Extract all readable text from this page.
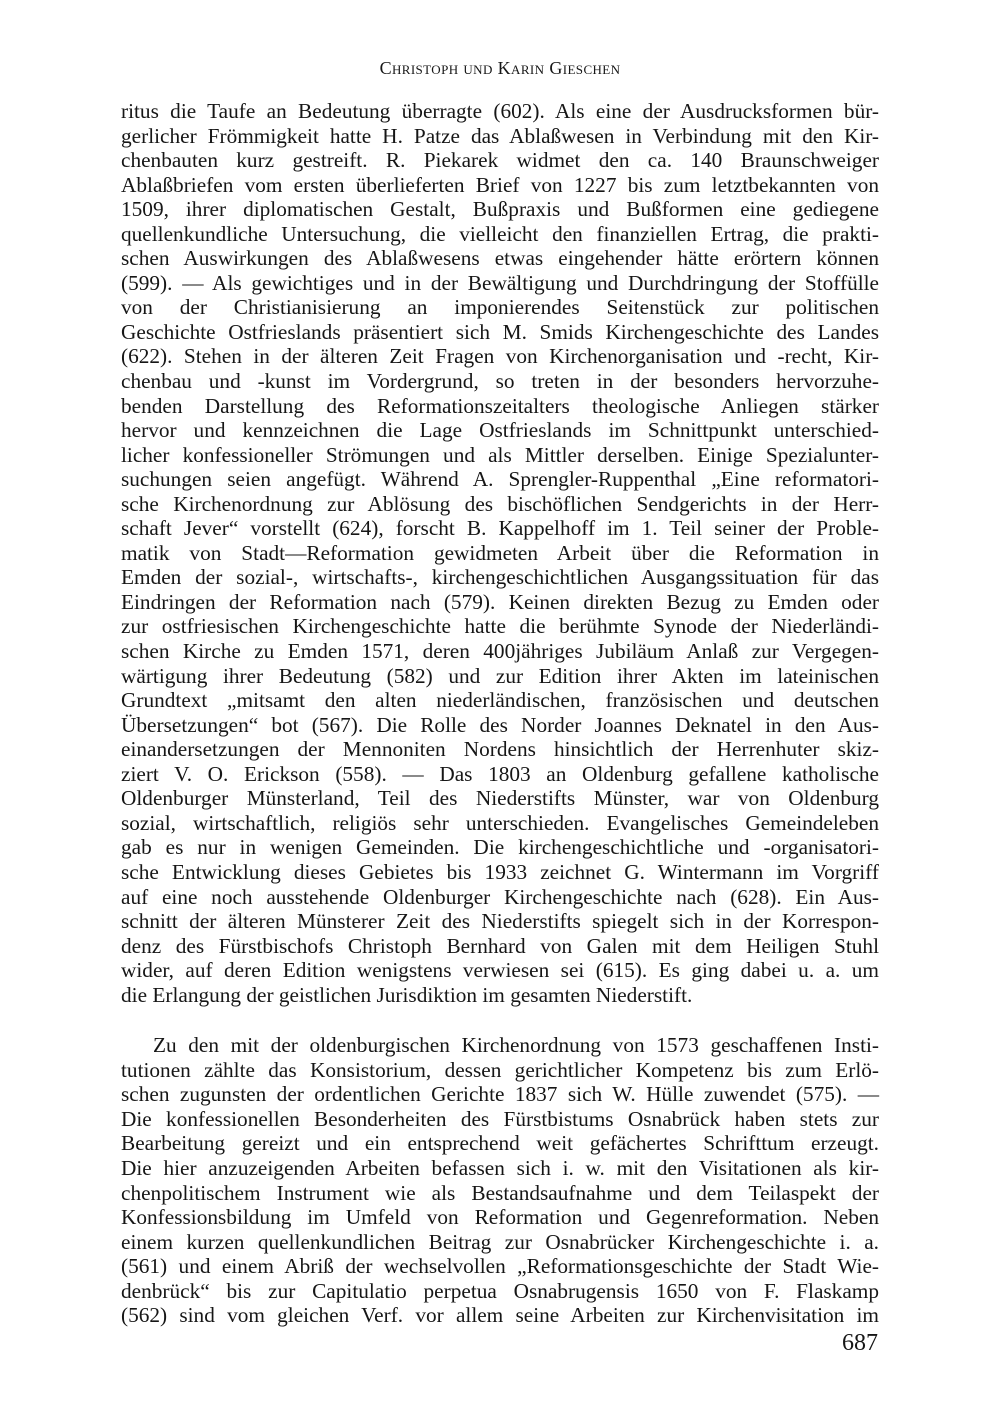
Christoph und Karin Gieschen

ritus die Taufe an Bedeutung überragte (602). Als eine der Ausdrucksformen bür-

gerlicher Frömmigkeit hatte H. Patze das Ablaßwesen in Verbindung mit den Kir-

chenbauten kurz gestreift. R. Piekarek widmet den ca. 140 Braunschweiger

Ablaßbriefen vom ersten überlieferten Brief von 1227 bis zum letztbekannten von

1509, ihrer diplomatischen Gestalt, Bußpraxis und Bußformen eine gediegene

quellenkundliche Untersuchung, die vielleicht den finanziellen Ertrag, die prakti-

schen Auswirkungen des Ablaßwesens etwas eingehender hätte erörtern können

(599). — Als gewichtiges und in der Bewältigung und Durchdringung der Stoffülle

von der Christianisierung an imponierendes Seitenstück zur politischen

Geschichte Ostfrieslands präsentiert sich M. Smids Kirchengeschichte des Landes

(622). Stehen in der älteren Zeit Fragen von Kirchenorganisation und -recht, Kir-

chenbau und -kunst im Vordergrund, so treten in der besonders hervorzuhe-

benden Darstellung des Reformationszeitalters theologische Anliegen stärker

hervor und kennzeichnen die Lage Ostfrieslands im Schnittpunkt unterschied-

licher konfessioneller Strömungen und als Mittler derselben. Einige Spezialunter-

suchungen seien angefügt. Während A. Sprengler-Ruppenthal „Eine reformatori-

sche Kirchenordnung zur Ablösung des bischöflichen Sendgerichts in der Herr-

schaft Jever“ vorstellt (624), forscht B. Kappelhoff im 1. Teil seiner der Proble-

matik von Stadt—Reformation gewidmeten Arbeit über die Reformation in

Emden der sozial-, wirtschafts-, kirchengeschichtlichen Ausgangssituation für das

Eindringen der Reformation nach (579). Keinen direkten Bezug zu Emden oder

zur ostfriesischen Kirchengeschichte hatte die berühmte Synode der Niederländi-

schen Kirche zu Emden 1571, deren 400jähriges Jubiläum Anlaß zur Vergegen-

wärtigung ihrer Bedeutung (582) und zur Edition ihrer Akten im lateinischen

Grundtext „mitsamt den alten niederländischen, französischen und deutschen

Übersetzungen“ bot (567). Die Rolle des Norder Joannes Deknatel in den Aus-

einandersetzungen der Mennoniten Nordens hinsichtlich der Herrenhuter skiz-

ziert V. O. Erickson (558). — Das 1803 an Oldenburg gefallene katholische

Oldenburger Münsterland, Teil des Niederstifts Münster, war von Oldenburg

sozial, wirtschaftlich, religiös sehr unterschieden. Evangelisches Gemeindeleben

gab es nur in wenigen Gemeinden. Die kirchengeschichtliche und -organisatori-

sche Entwicklung dieses Gebietes bis 1933 zeichnet G. Wintermann im Vorgriff

auf eine noch ausstehende Oldenburger Kirchengeschichte nach (628). Ein Aus-

schnitt der älteren Münsterer Zeit des Niederstifts spiegelt sich in der Korrespon-

denz des Fürstbischofs Christoph Bernhard von Galen mit dem Heiligen Stuhl

wider, auf deren Edition wenigstens verwiesen sei (615). Es ging dabei u. a. um

die Erlangung der geistlichen Jurisdiktion im gesamten Niederstift.

Zu den mit der oldenburgischen Kirchenordnung von 1573 geschaffenen Insti-

tutionen zählte das Konsistorium, dessen gerichtlicher Kompetenz bis zum Erlö-

schen zugunsten der ordentlichen Gerichte 1837 sich W. Hülle zuwendet (575). —

Die konfessionellen Besonderheiten des Fürstbistums Osnabrück haben stets zur

Bearbeitung gereizt und ein entsprechend weit gefächertes Schrifttum erzeugt.

Die hier anzuzeigenden Arbeiten befassen sich i. w. mit den Visitationen als kir-

chenpolitischem Instrument wie als Bestandsaufnahme und dem Teilaspekt der

Konfessionsbildung im Umfeld von Reformation und Gegenreformation. Neben

einem kurzen quellenkundlichen Beitrag zur Osnabrücker Kirchengeschichte i. a.

(561) und einem Abriß der wechselvollen „Reformationsgeschichte der Stadt Wie-

denbrück“ bis zur Capitulatio perpetua Osnabrugensis 1650 von F. Flaskamp

(562) sind vom gleichen Verf. vor allem seine Arbeiten zur Kirchenvisitation im

687
